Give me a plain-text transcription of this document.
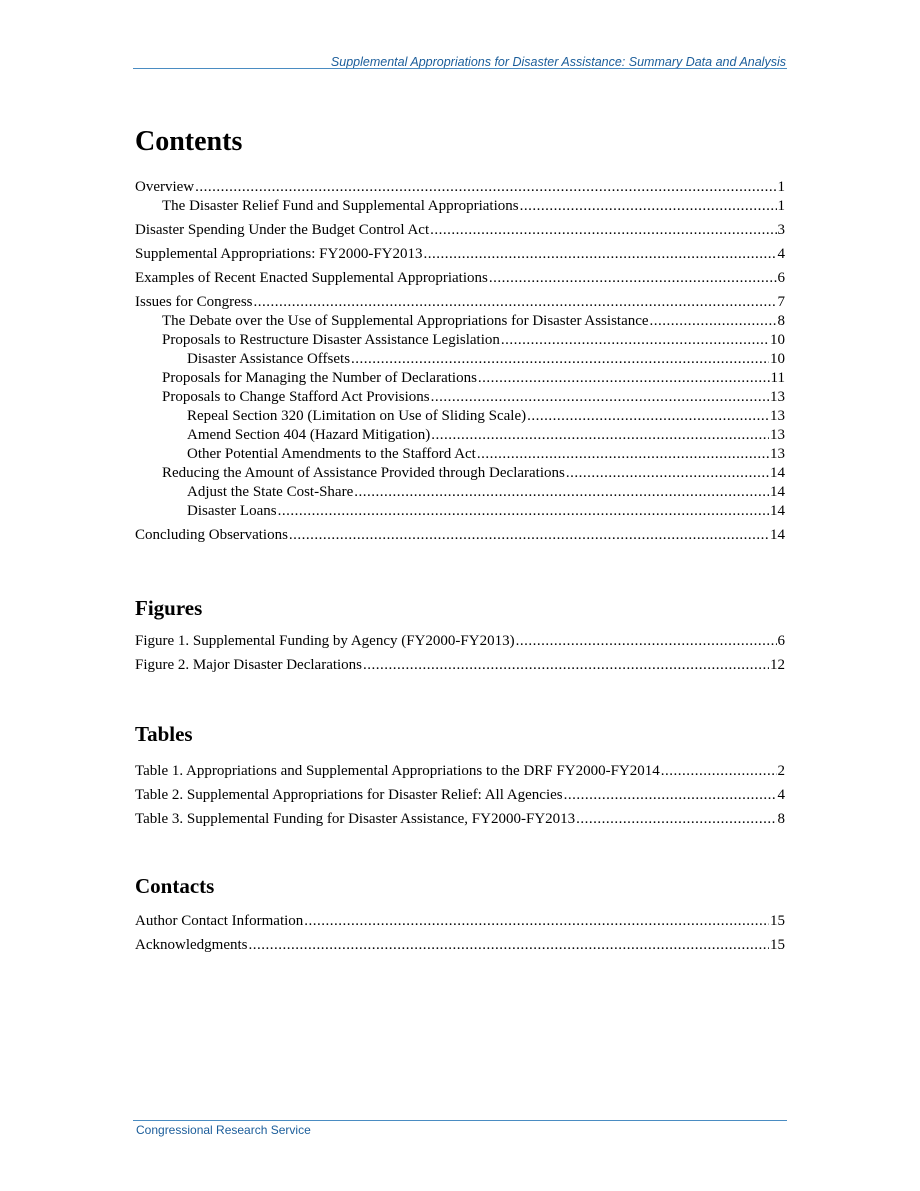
Supplemental Appropriations for Disaster Assistance: Summary Data and Analysis
Contents
Overview .....	1
The Disaster Relief Fund and Supplemental Appropriations .....	1
Disaster Spending Under the Budget Control Act .....	3
Supplemental Appropriations: FY2000-FY2013 .....	4
Examples of Recent Enacted Supplemental Appropriations .....	6
Issues for Congress .....	7
The Debate over the Use of Supplemental Appropriations for Disaster Assistance .....	8
Proposals to Restructure Disaster Assistance Legislation .....	10
Disaster Assistance Offsets .....	10
Proposals for Managing the Number of Declarations .....	11
Proposals to Change Stafford Act Provisions .....	13
Repeal Section 320 (Limitation on Use of Sliding Scale) .....	13
Amend Section 404 (Hazard Mitigation) .....	13
Other Potential Amendments to the Stafford Act .....	13
Reducing the Amount of Assistance Provided through Declarations .....	14
Adjust the State Cost-Share .....	14
Disaster Loans .....	14
Concluding Observations .....	14
Figures
Figure 1. Supplemental Funding by Agency (FY2000-FY2013) .....	6
Figure 2. Major Disaster Declarations .....	12
Tables
Table 1. Appropriations and Supplemental Appropriations to the DRF FY2000-FY2014 .....	2
Table 2. Supplemental Appropriations for Disaster Relief: All Agencies .....	4
Table 3. Supplemental Funding for Disaster Assistance, FY2000-FY2013 .....	8
Contacts
Author Contact Information .....	15
Acknowledgments .....	15
Congressional Research Service
